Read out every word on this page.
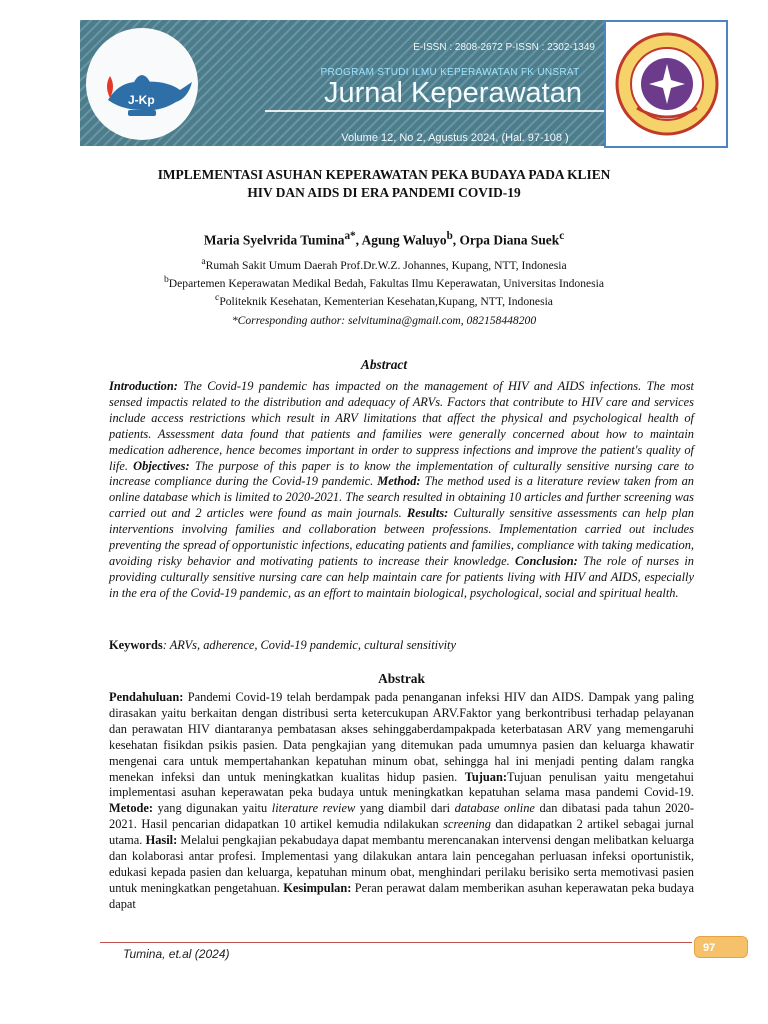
J-Kp
E-ISSN : 2808-2672 P-ISSN : 2302-1349
PROGRAM STUDI ILMU KEPERAWATAN FK UNSRAT
Jurnal Keperawatan
Volume 12, No 2, Agustus 2024, (Hal. 97-108 )
IMPLEMENTASI ASUHAN KEPERAWATAN PEKA BUDAYA PADA KLIEN
HIV DAN AIDS DI ERA PANDEMI COVID-19
Maria Syelvrida Tumina$^{a*}$, Agung Waluyo$^b$, Orpa Diana Suek$^c$
$^a$Rumah Sakit Umum Daerah Prof.Dr.W.Z. Johannes, Kupang, NTT, Indonesia
$^b$Departemen Keperawatan Medikal Bedah, Fakultas Ilmu Keperawatan, Universitas Indonesia
$^c$Politeknik Kesehatan, Kementerian Kesehatan,Kupang, NTT, Indonesia
*Corresponding author: selvitumina@gmail.com, 082158448200
Abstract

Introduction: The Covid-19 pandemic has impacted on the management of HIV and AIDS infections. The most sensed impactis related to the distribution and adequacy of ARVs. Factors that contribute to HIV care and services include access restrictions which result in ARV limitations that affect the physical and psychological health of patients. Assessment data found that patients and families were generally concerned about how to maintain medication adherence, hence becomes important in order to suppress infections and improve the patient's quality of life. Objectives: The purpose of this paper is to know the implementation of culturally sensitive nursing care to increase compliance during the Covid-19 pandemic. Method: The method used is a literature review taken from an online database which is limited to 2020-2021. The search resulted in obtaining 10 articles and further screening was carried out and 2 articles were found as main journals. Results: Culturally sensitive assessments can help plan interventions involving families and collaboration between professions. Implementation carried out includes preventing the spread of opportunistic infections, educating patients and families, compliance with taking medication, avoiding risky behavior and motivating patients to increase their knowledge. Conclusion: The role of nurses in providing culturally sensitive nursing care can help maintain care for patients living with HIV and AIDS, especially in the era of the Covid-19 pandemic, as an effort to maintain biological, psychological, social and spiritual health.

Keywords: ARVs, adherence, Covid-19 pandemic, cultural sensitivity
Abstrak

Pendahuluan: Pandemi Covid-19 telah berdampak pada penanganan infeksi HIV dan AIDS. Dampak yang paling dirasakan yaitu berkaitan dengan distribusi serta ketercukupan ARV.Faktor yang berkontribusi terhadap pelayanan dan perawatan HIV diantaranya pembatasan akses sehinggaberdampakpada keterbatasan ARV yang memengaruhi kesehatan fisikdan psikis pasien. Data pengkajian yang ditemukan pada umumnya pasien dan keluarga khawatir mengenai cara untuk mempertahankan kepatuhan minum obat, sehingga hal ini menjadi penting dalam rangka menekan infeksi dan untuk meningkatkan kualitas hidup pasien. Tujuan:Tujuan penulisan yaitu mengetahui implementasi asuhan keperawatan peka budaya untuk meningkatkan kepatuhan selama masa pandemi Covid-19. Metode: yang digunakan yaitu literature review yang diambil dari database online dan dibatasi pada tahun 2020-2021. Hasil pencarian didapatkan 10 artikel kemudia ndilakukan screening dan didapatkan 2 artikel sebagai jurnal utama. Hasil: Melalui pengkajian pekabudaya dapat membantu merencanakan intervensi dengan melibatkan keluarga dan kolaborasi antar profesi. Implementasi yang dilakukan antara lain pencegahan perluasan infeksi oportunistik, edukasi kepada pasien dan keluarga, kepatuhan minum obat, menghindari perilaku berisiko serta memotivasi pasien untuk meningkatkan pengetahuan. Kesimpulan: Peran perawat dalam memberikan asuhan keperawatan peka budaya dapat

97
Tumina, et.al (2024)
